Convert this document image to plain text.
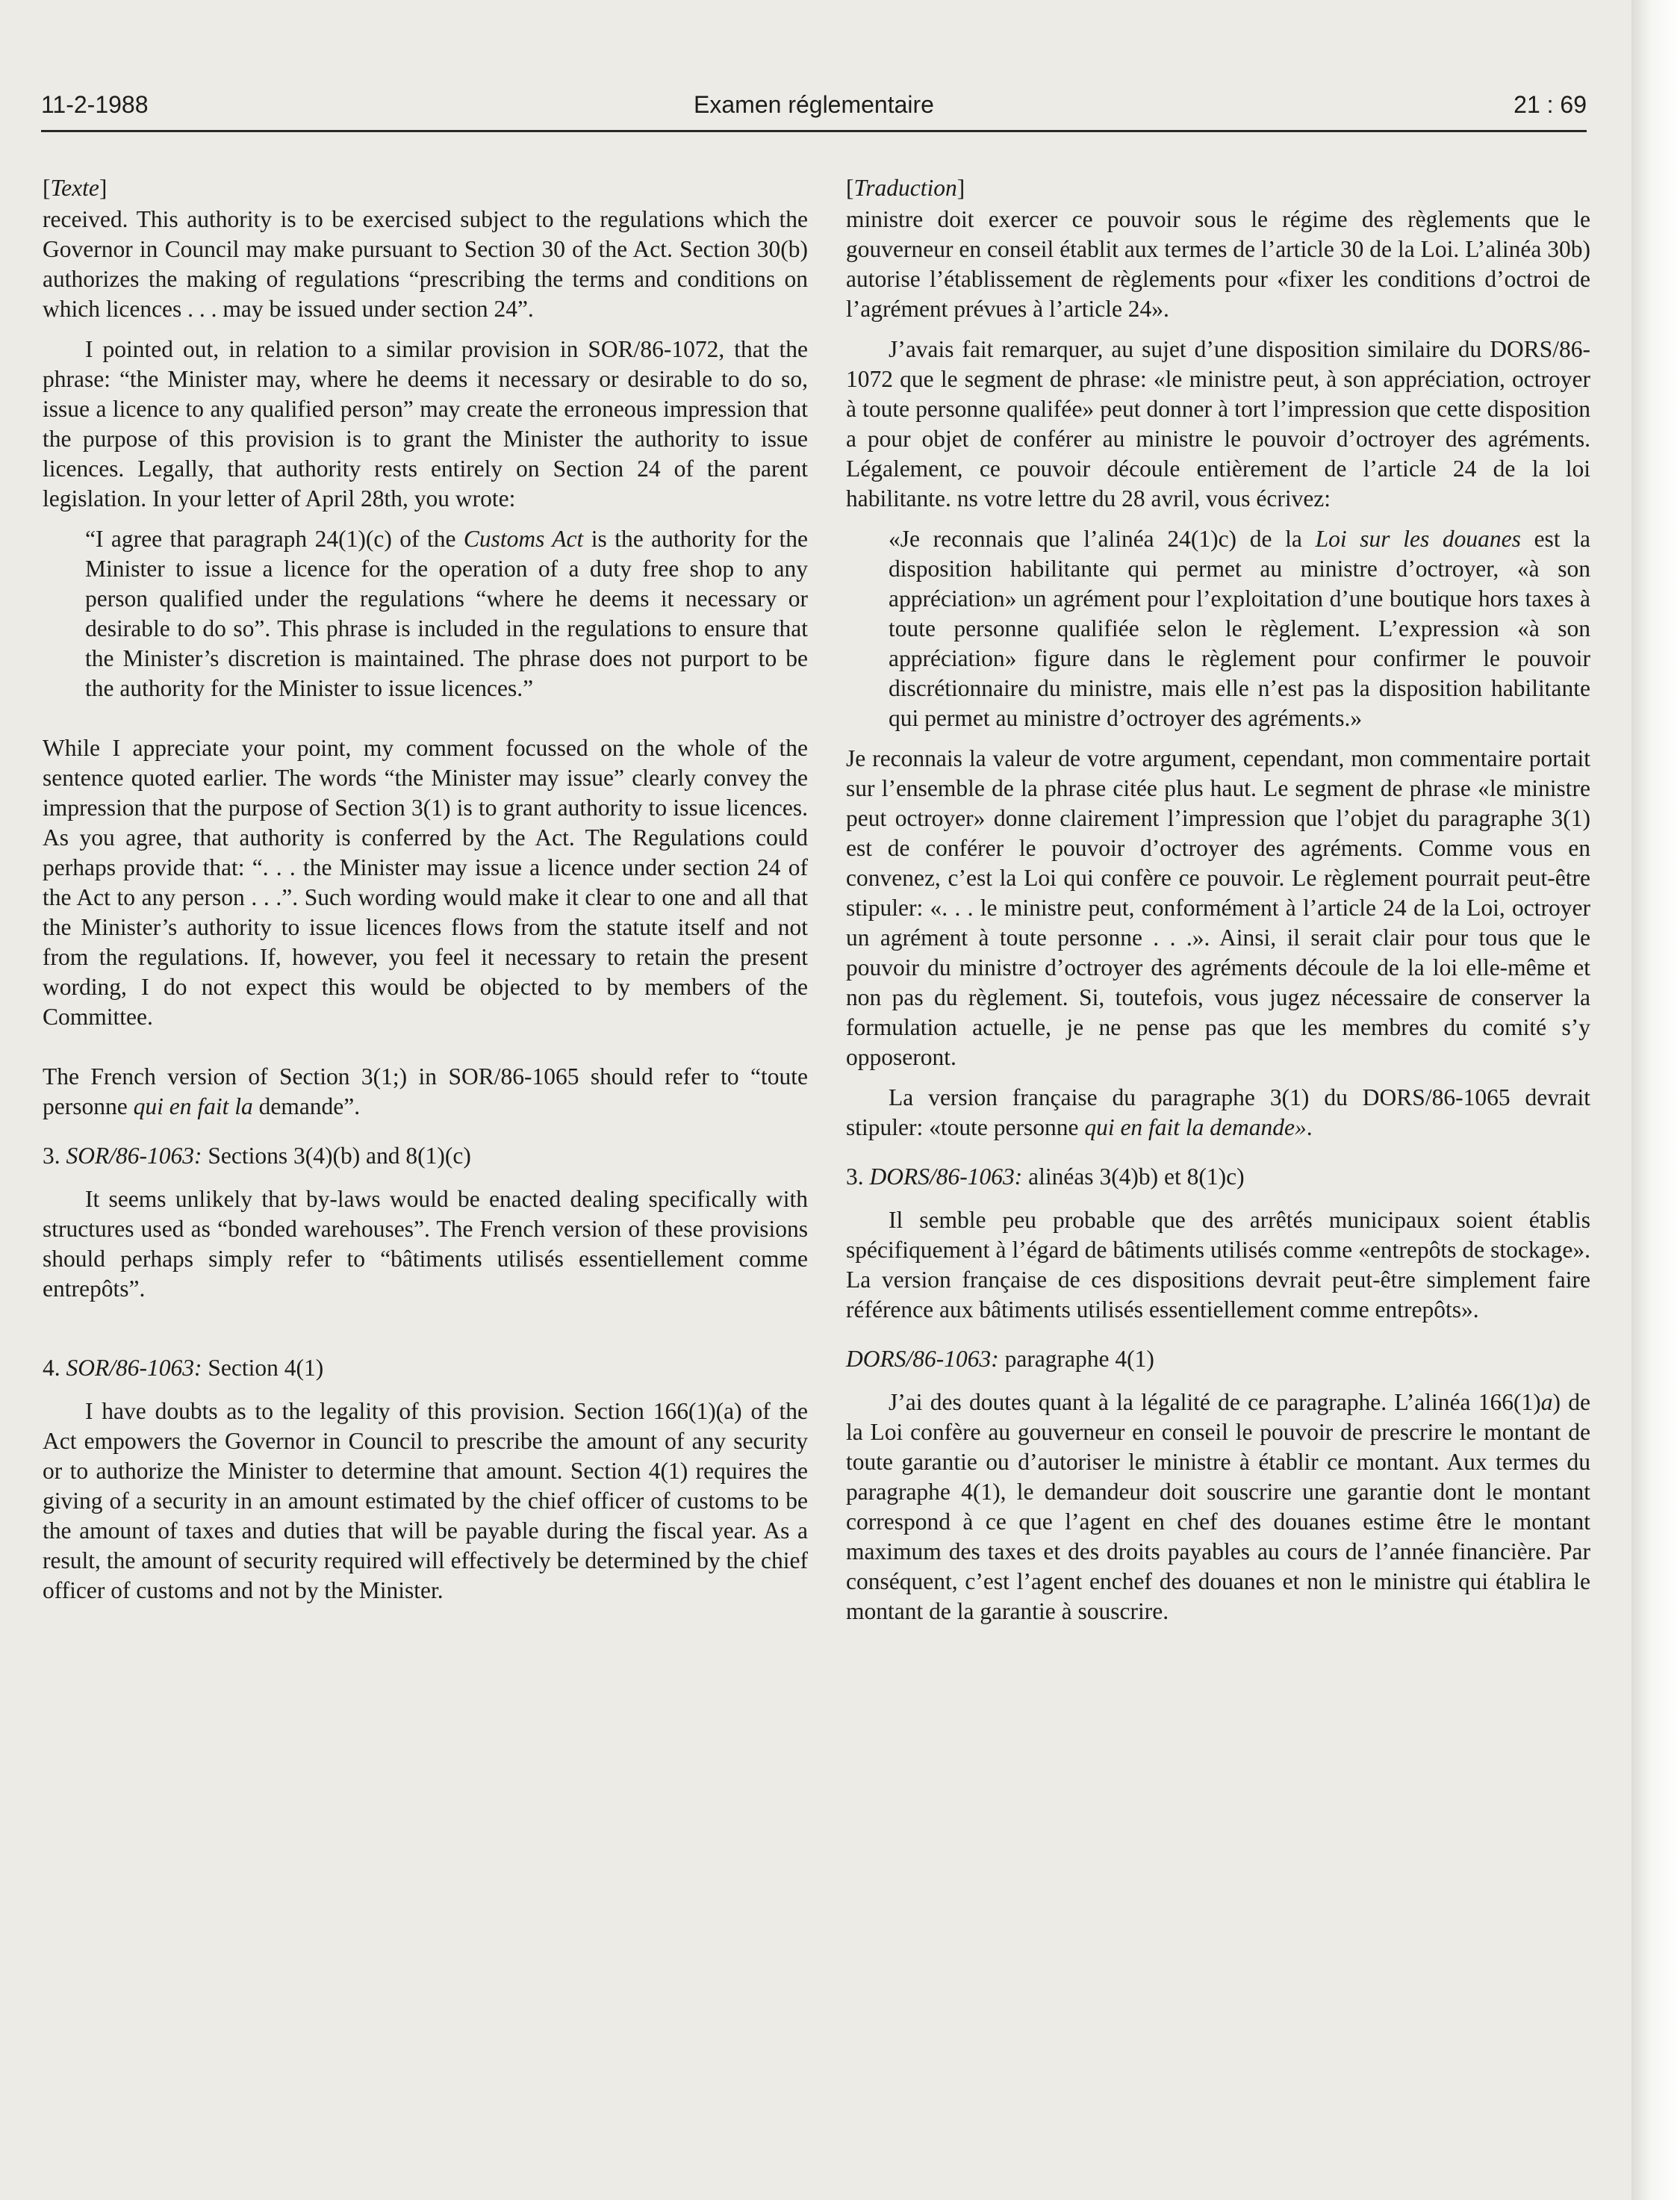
11-2-1988	Examen réglementaire	21 : 69

[Texte]

received. This authority is to be exercised subject to the regulations which the Governor in Council may make pursuant to Section 30 of the Act. Section 30(b) authorizes the making of regulations “prescribing the terms and conditions on which licences . . . may be issued under section 24”.

I pointed out, in relation to a similar provision in SOR/86-1072, that the phrase: “the Minister may, where he deems it necessary or desirable to do so, issue a licence to any qualified person” may create the erroneous impression that the purpose of this provision is to grant the Minister the authority to issue licences. Legally, that authority rests entirely on Section 24 of the parent legislation. In your letter of April 28th, you wrote:

“I agree that paragraph 24(1)(c) of the Customs Act is the authority for the Minister to issue a licence for the operation of a duty free shop to any person qualified under the regulations “where he deems it necessary or desirable to do so”. This phrase is included in the regulations to ensure that the Minister’s discretion is maintained. The phrase does not purport to be the authority for the Minister to issue licences.”

While I appreciate your point, my comment focussed on the whole of the sentence quoted earlier. The words “the Minister may issue” clearly convey the impression that the purpose of Section 3(1) is to grant authority to issue licences. As you agree, that authority is conferred by the Act. The Regulations could perhaps provide that: “. . . the Minister may issue a licence under section 24 of the Act to any person . . .”. Such wording would make it clear to one and all that the Minister’s authority to issue licences flows from the statute itself and not from the regulations. If, however, you feel it necessary to retain the present wording, I do not expect this would be objected to by members of the Committee.

The French version of Section 3(1;) in SOR/86-1065 should refer to “toute personne qui en fait la demande”.

3. SOR/86-1063: Sections 3(4)(b) and 8(1)(c)

It seems unlikely that by-laws would be enacted dealing specifically with structures used as “bonded warehouses”. The French version of these provisions should perhaps simply refer to “bâtiments utilisés essentiellement comme entrepôts”.

4. SOR/86-1063: Section 4(1)

I have doubts as to the legality of this provision. Section 166(1)(a) of the Act empowers the Governor in Council to prescribe the amount of any security or to authorize the Minister to determine that amount. Section 4(1) requires the giving of a security in an amount estimated by the chief officer of customs to be the amount of taxes and duties that will be payable during the fiscal year. As a result, the amount of security required will effectively be determined by the chief officer of customs and not by the Minister.

[Traduction]

ministre doit exercer ce pouvoir sous le régime des règlements que le gouverneur en conseil établit aux termes de l’article 30 de la Loi. L’alinéa 30b) autorise l’établissement de règlements pour «fixer les conditions d’octroi de l’agrément prévues à l’article 24».

J’avais fait remarquer, au sujet d’une disposition similaire du DORS/86-1072 que le segment de phrase: «le ministre peut, à son appréciation, octroyer à toute personne qualifée» peut donner à tort l’impression que cette disposition a pour objet de conférer au ministre le pouvoir d’octroyer des agréments. Légalement, ce pouvoir découle entièrement de l’article 24 de la loi habilitante. ns votre lettre du 28 avril, vous écrivez:

«Je reconnais que l’alinéa 24(1)c) de la Loi sur les douanes est la disposition habilitante qui permet au ministre d’octroyer, «à son appréciation» un agrément pour l’exploitation d’une boutique hors taxes à toute personne qualifiée selon le règlement. L’expression «à son appréciation» figure dans le règlement pour confirmer le pouvoir discrétionnaire du ministre, mais elle n’est pas la disposition habilitante qui permet au ministre d’octroyer des agréments.»

Je reconnais la valeur de votre argument, cependant, mon commentaire portait sur l’ensemble de la phrase citée plus haut. Le segment de phrase «le ministre peut octroyer» donne clairement l’impression que l’objet du paragraphe 3(1) est de conférer le pouvoir d’octroyer des agréments. Comme vous en convenez, c’est la Loi qui confère ce pouvoir. Le règlement pourrait peut-être stipuler: «. . . le ministre peut, conformément à l’article 24 de la Loi, octroyer un agrément à toute personne . . .». Ainsi, il serait clair pour tous que le pouvoir du ministre d’octroyer des agréments découle de la loi elle-même et non pas du règlement. Si, toutefois, vous jugez nécessaire de conserver la formulation actuelle, je ne pense pas que les membres du comité s’y opposeront.

La version française du paragraphe 3(1) du DORS/86-1065 devrait stipuler: «toute personne qui en fait la demande».

3. DORS/86-1063: alinéas 3(4)b) et 8(1)c)

Il semble peu probable que des arrêtés municipaux soient établis spécifiquement à l’égard de bâtiments utilisés comme «entrepôts de stockage». La version française de ces dispositions devrait peut-être simplement faire référence aux bâtiments utilisés essentiellement comme entrepôts».

DORS/86-1063: paragraphe 4(1)

J’ai des doutes quant à la légalité de ce paragraphe. L’alinéa 166(1)a) de la Loi confère au gouverneur en conseil le pouvoir de prescrire le montant de toute garantie ou d’autoriser le ministre à établir ce montant. Aux termes du paragraphe 4(1), le demandeur doit souscrire une garantie dont le montant correspond à ce que l’agent en chef des douanes estime être le montant maximum des taxes et des droits payables au cours de l’année financière. Par conséquent, c’est l’agent enchef des douanes et non le ministre qui établira le montant de la garantie à souscrire.
